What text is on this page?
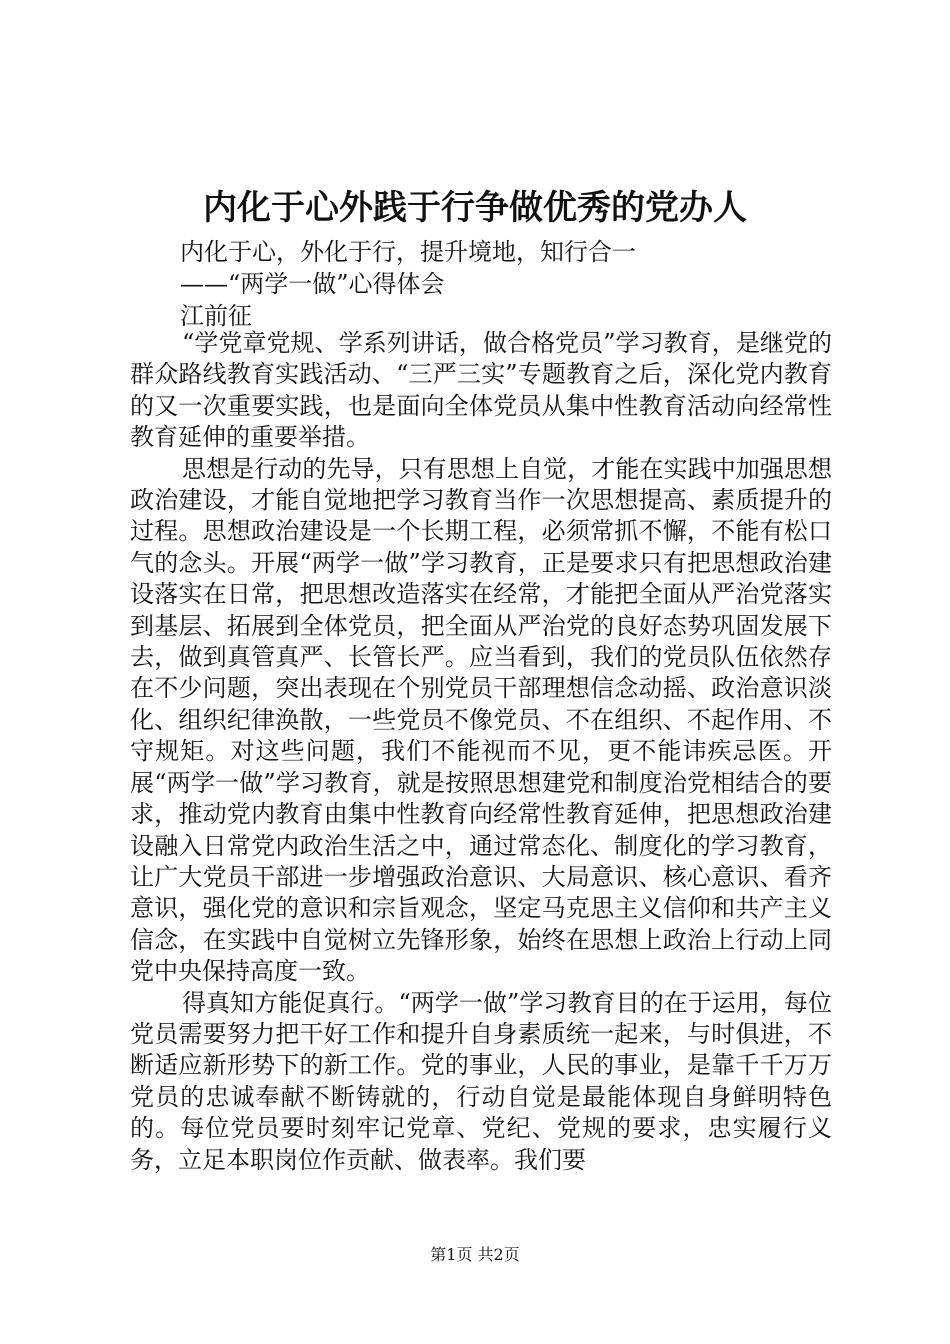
内化于心外践于行争做优秀的党办人

内化于心，外化于行，提升境地，知行合一

——“两学一做”心得体会

江前征

“学党章党规、学系列讲话，做合格党员”学习教育，是继党的群众路线教育实践活动、“三严三实”专题教育之后，深化党内教育的又一次重要实践，也是面向全体党员从集中性教育活动向经常性教育延伸的重要举措。

思想是行动的先导，只有思想上自觉，才能在实践中加强思想政治建设，才能自觉地把学习教育当作一次思想提高、素质提升的过程。思想政治建设是一个长期工程，必须常抓不懈，不能有松口气的念头。开展“两学一做”学习教育，正是要求只有把思想政治建设落实在日常，把思想改造落实在经常，才能把全面从严治党落实到基层、拓展到全体党员，把全面从严治党的良好态势巩固发展下去，做到真管真严、长管长严。应当看到，我们的党员队伍依然存在不少问题，突出表现在个别党员干部理想信念动摇、政治意识淡化、组织纪律涣散，一些党员不像党员、不在组织、不起作用、不守规矩。对这些问题，我们不能视而不见，更不能讳疾忌医。开展“两学一做”学习教育，就是按照思想建党和制度治党相结合的要求，推动党内教育由集中性教育向经常性教育延伸，把思想政治建设融入日常党内政治生活之中，通过常态化、制度化的学习教育，让广大党员干部进一步增强政治意识、大局意识、核心意识、看齐意识，强化党的意识和宗旨观念，坚定马克思主义信仰和共产主义信念，在实践中自觉树立先锋形象，始终在思想上政治上行动上同党中央保持高度一致。

得真知方能促真行。“两学一做”学习教育目的在于运用，每位党员需要努力把干好工作和提升自身素质统一起来，与时俱进，不断适应新形势下的新工作。党的事业，人民的事业，是靠千千万万党员的忠诚奉献不断铸就的，行动自觉是最能体现自身鲜明特色的。每位党员要时刻牢记党章、党纪、党规的要求，忠实履行义务，立足本职岗位作贡献、做表率。我们要

第1页 共2页
